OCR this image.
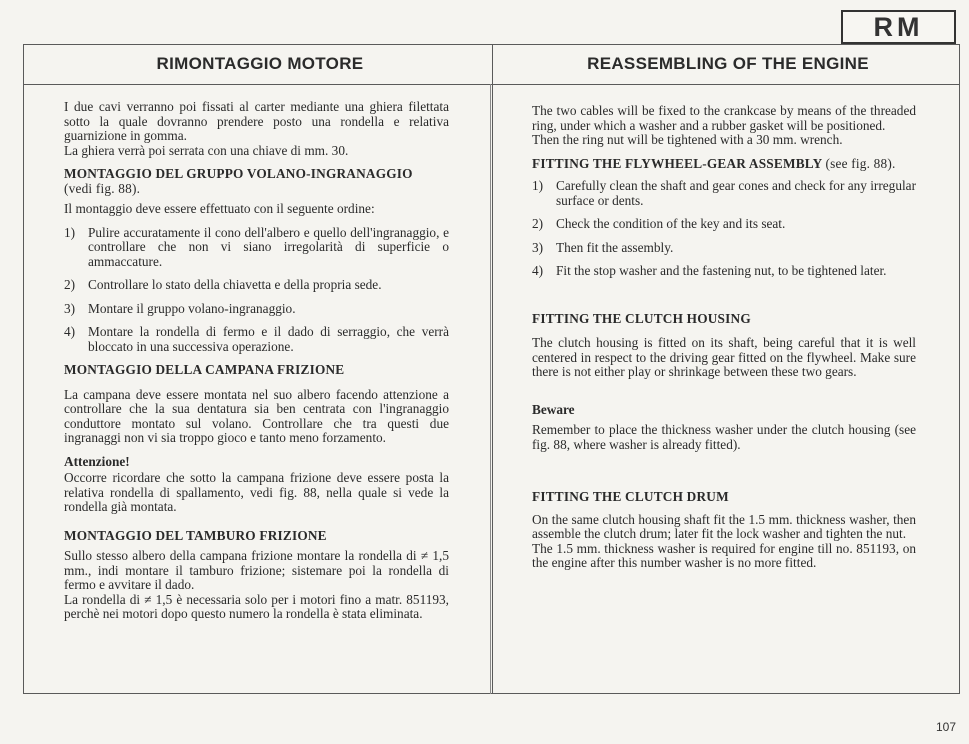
RM
RIMONTAGGIO MOTORE	REASSEMBLING OF THE ENGINE

I due cavi verranno poi fissati al carter mediante una ghiera filettata sotto la quale dovranno prendere posto una rondella e relativa guarnizione in gomma.

La ghiera verrà poi serrata con una chiave di mm. 30.

MONTAGGIO DEL GRUPPO VOLANO-INGRANAGGIO
(vedi fig. 88).

Il montaggio deve essere effettuato con il seguente ordine:

1) Pulire accuratamente il cono dell'albero e quello dell'ingranaggio, e controllare che non vi siano irregolarità di superficie o ammaccature.
2) Controllare lo stato della chiavetta e della propria sede.
3) Montare il gruppo volano-ingranaggio.
4) Montare la rondella di fermo e il dado di serraggio, che verrà bloccato in una successiva operazione.
MONTAGGIO DELLA CAMPANA FRIZIONE

La campana deve essere montata nel suo albero facendo attenzione a controllare che la sua dentatura sia ben centrata con l'ingranaggio conduttore montato sul volano. Controllare che tra questi due ingranaggi non vi sia troppo gioco e tanto meno forzamento.

Attenzione!

Occorre ricordare che sotto la campana frizione deve essere posta la relativa rondella di spallamento, vedi fig. 88, nella quale si vede la rondella già montata.

MONTAGGIO DEL TAMBURO FRIZIONE

Sullo stesso albero della campana frizione montare la rondella di ≠ 1,5 mm., indi montare il tamburo frizione; sistemare poi la rondella di fermo e avvitare il dado.

La rondella di ≠ 1,5 è necessaria solo per i motori fino a matr. 851193, perchè nei motori dopo questo numero la rondella è stata eliminata.

The two cables will be fixed to the crankcase by means of the threaded ring, under which a washer and a rubber gasket will be positioned.

Then the ring nut will be tightened with a 30 mm. wrench.

FITTING THE FLYWHEEL-GEAR ASSEMBLY (see fig. 88).
1) Carefully clean the shaft and gear cones and check for any irregular surface or dents.
2) Check the condition of the key and its seat.
3) Then fit the assembly.
4) Fit the stop washer and the fastening nut, to be tightened later.
FITTING THE CLUTCH HOUSING

The clutch housing is fitted on its shaft, being careful that it is well centered in respect to the driving gear fitted on the flywheel. Make sure there is not either play or shrinkage between these two gears.

Beware

Remember to place the thickness washer under the clutch housing (see fig. 88, where washer is already fitted).

FITTING THE CLUTCH DRUM

On the same clutch housing shaft fit the 1.5 mm. thickness washer, then assemble the clutch drum; later fit the lock washer and tighten the nut.

The 1.5 mm. thickness washer is required for engine till no. 851193, on the engine after this number washer is no more fitted.

107
